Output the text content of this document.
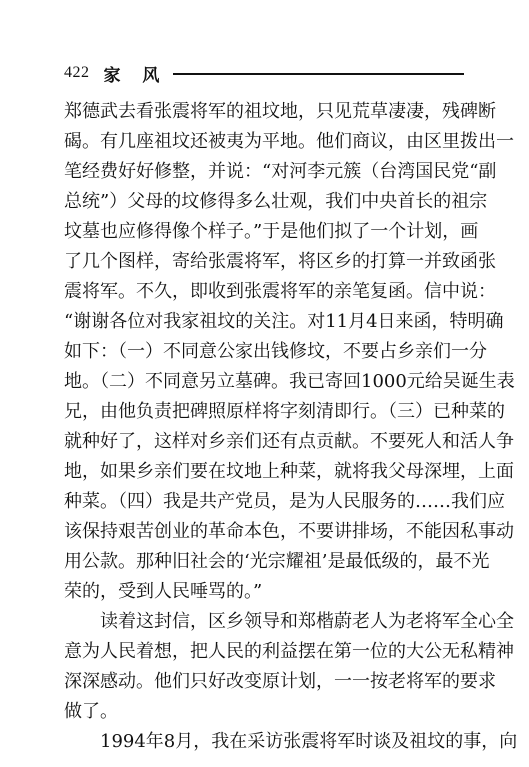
422 家 风
郑德武去看张震将军的祖坟地，只见荒草凄凄，残碑断
碣。有几座祖坟还被夷为平地。他们商议，由区里拨出一
笔经费好好修整，并说：“对河李元簇（台湾国民党“副
总统”）父母的坟修得多么壮观，我们中央首长的祖宗
坟墓也应修得像个样子。”于是他们拟了一个计划，画
了几个图样，寄给张震将军，将区乡的打算一并致函张
震将军。不久，即收到张震将军的亲笔复函。信中说：
“谢谢各位对我家祖坟的关注。对11月4日来函，特明确
如下：（一）不同意公家出钱修坟，不要占乡亲们一分
地。（二）不同意另立墓碑。我已寄回1000元给吴诞生表
兄，由他负责把碑照原样将字刻清即行。（三）已种菜的
就种好了，这样对乡亲们还有点贡献。不要死人和活人争
地，如果乡亲们要在坟地上种菜，就将我父母深埋，上面
种菜。（四）我是共产党员，是为人民服务的……我们应
该保持艰苦创业的革命本色，不要讲排场，不能因私事动
用公款。那种旧社会的‘光宗耀祖’是最低级的，最不光
荣的，受到人民唾骂的。”
　　读着这封信，区乡领导和郑楷蔚老人为老将军全心全
意为人民着想，把人民的利益摆在第一位的大公无私精神
深深感动。他们只好改变原计划，一一按老将军的要求
做了。
　　1994年8月，我在采访张震将军时谈及祖坟的事，向
